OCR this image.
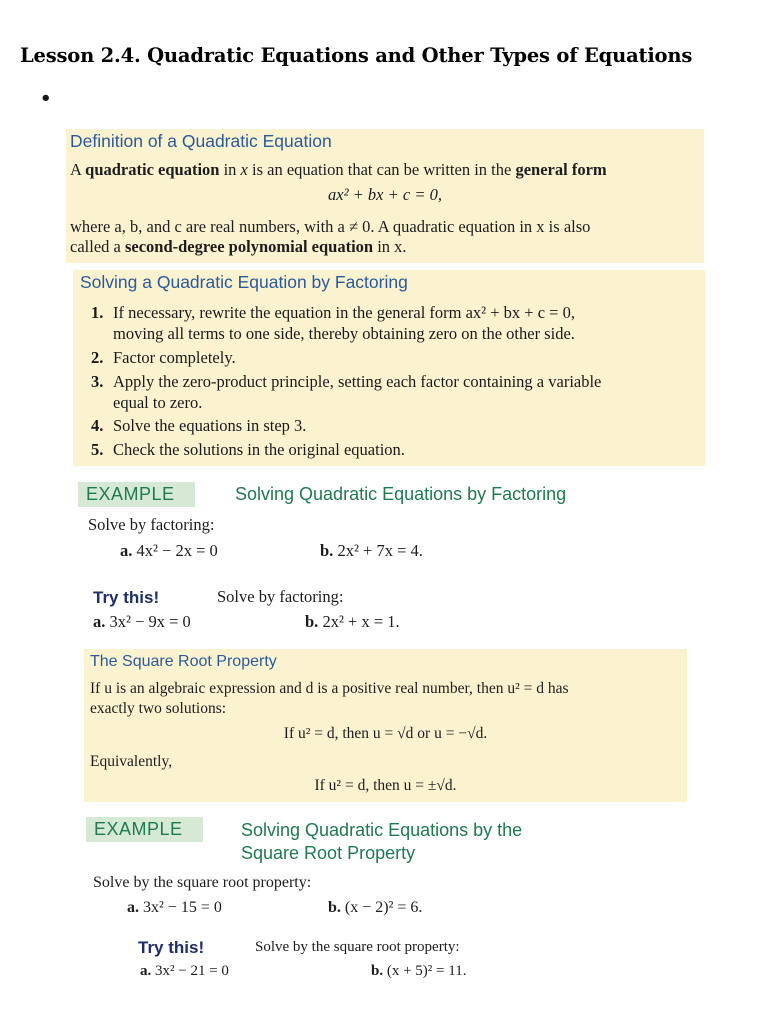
Lesson 2.4. Quadratic Equations and Other Types of Equations
•
Definition of a Quadratic Equation
A quadratic equation in x is an equation that can be written in the general form
ax² + bx + c = 0,
where a, b, and c are real numbers, with a ≠ 0. A quadratic equation in x is also
called a second-degree polynomial equation in x.
Solving a Quadratic Equation by Factoring
1. If necessary, rewrite the equation in the general form ax² + bx + c = 0,
moving all terms to one side, thereby obtaining zero on the other side.
2. Factor completely.
3. Apply the zero-product principle, setting each factor containing a variable
equal to zero.
4. Solve the equations in step 3.
5. Check the solutions in the original equation.
EXAMPLE	Solving Quadratic Equations by Factoring
Solve by factoring:
a. 4x² − 2x = 0	b. 2x² + 7x = 4.
Try this!	Solve by factoring:
a. 3x² − 9x = 0	b. 2x² + x = 1.
The Square Root Property
If u is an algebraic expression and d is a positive real number, then u² = d has
exactly two solutions:
If u² = d, then u = √d or u = −√d.
Equivalently,
If u² = d, then u = ±√d.
EXAMPLE	Solving Quadratic Equations by the
Square Root Property
Solve by the square root property:
a. 3x² − 15 = 0	b. (x − 2)² = 6.
Try this!	Solve by the square root property:
a. 3x² − 21 = 0	b. (x + 5)² = 11.
